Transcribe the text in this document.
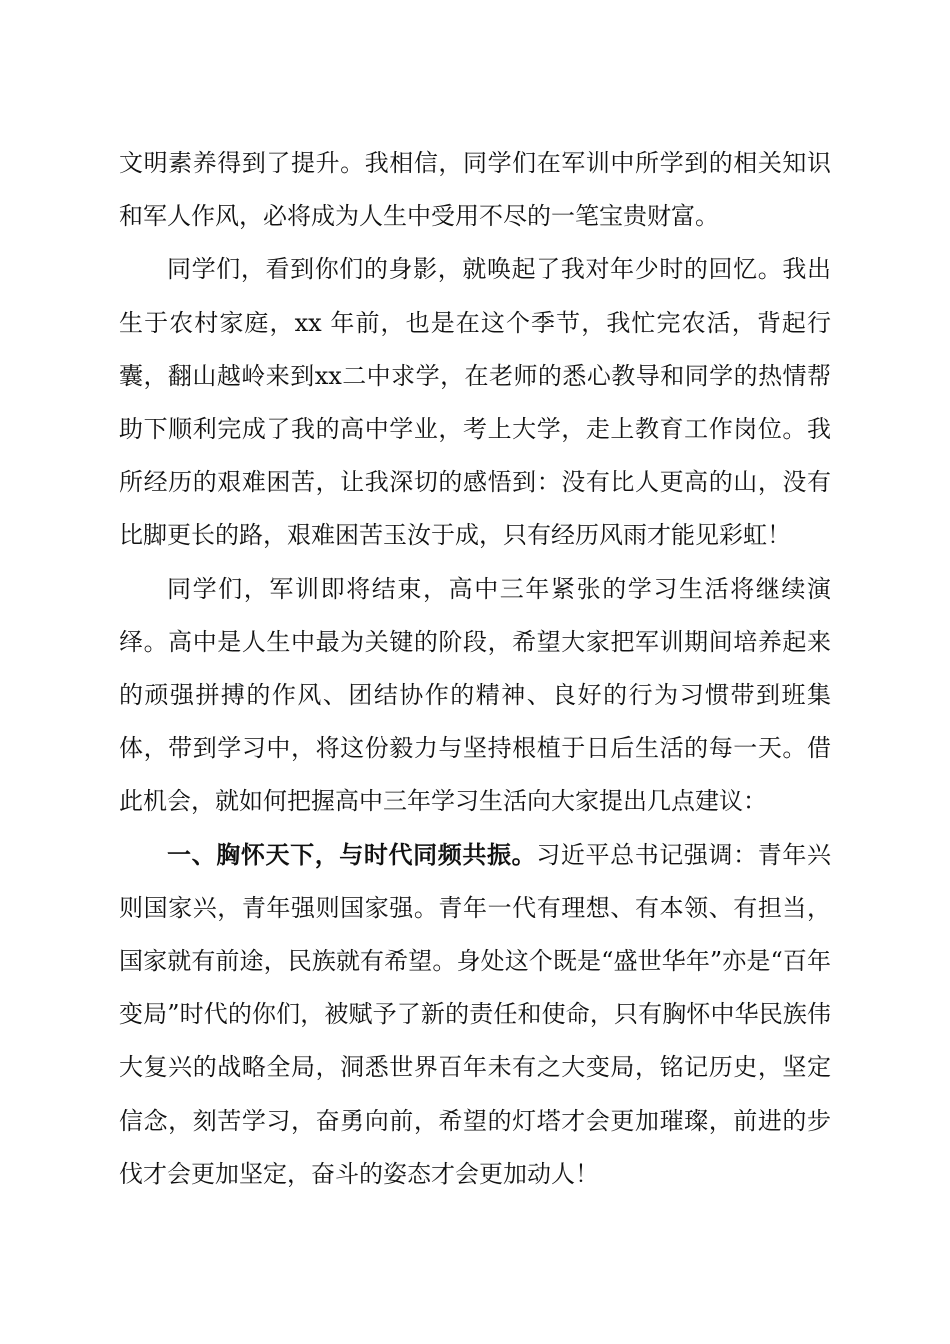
文明素养得到了提升。我相信，同学们在军训中所学到的相关知识和军人作风，必将成为人生中受用不尽的一笔宝贵财富。

同学们，看到你们的身影，就唤起了我对年少时的回忆。我出生于农村家庭，xx 年前，也是在这个季节，我忙完农活，背起行囊，翻山越岭来到xx二中求学，在老师的悉心教导和同学的热情帮助下顺利完成了我的高中学业，考上大学，走上教育工作岗位。我所经历的艰难困苦，让我深切的感悟到：没有比人更高的山，没有比脚更长的路，艰难困苦玉汝于成，只有经历风雨才能见彩虹！

同学们，军训即将结束，高中三年紧张的学习生活将继续演绎。高中是人生中最为关键的阶段，希望大家把军训期间培养起来的顽强拼搏的作风、团结协作的精神、良好的行为习惯带到班集体，带到学习中，将这份毅力与坚持根植于日后生活的每一天。借此机会，就如何把握高中三年学习生活向大家提出几点建议：

一、胸怀天下，与时代同频共振。习近平总书记强调：青年兴则国家兴，青年强则国家强。青年一代有理想、有本领、有担当，国家就有前途，民族就有希望。身处这个既是“盛世华年”亦是“百年变局”时代的你们，被赋予了新的责任和使命，只有胸怀中华民族伟大复兴的战略全局，洞悉世界百年未有之大变局，铭记历史，坚定信念，刻苦学习，奋勇向前，希望的灯塔才会更加璀璨，前进的步伐才会更加坚定，奋斗的姿态才会更加动人！
